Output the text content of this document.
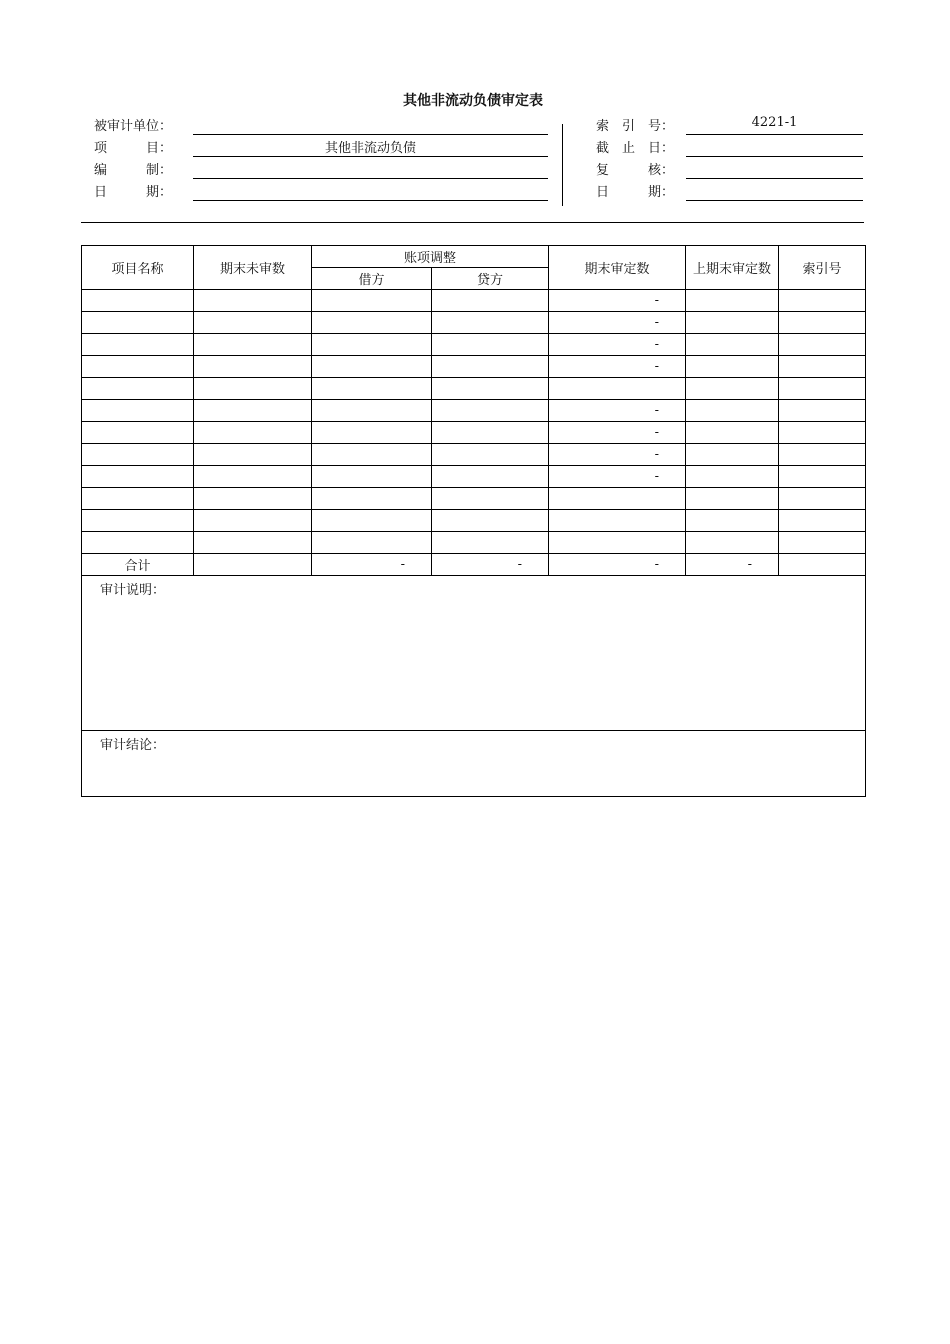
其他非流动负债审定表
被审计单位：
项　　　目：	其他非流动负债
编　　　制：
日　　　期：
索　引　号：	4221-1
截　止　日：
复　　　核：
日　　　期：
项目名称	期末未审数	账项调整		期末审定数	上期末审定数	索引号
		借方	贷方			
				-		
				-		
				-		
				-		

				-		
				-		
				-		
				-		

合计		-	-	-	-	
审计说明：						
审计结论：						
